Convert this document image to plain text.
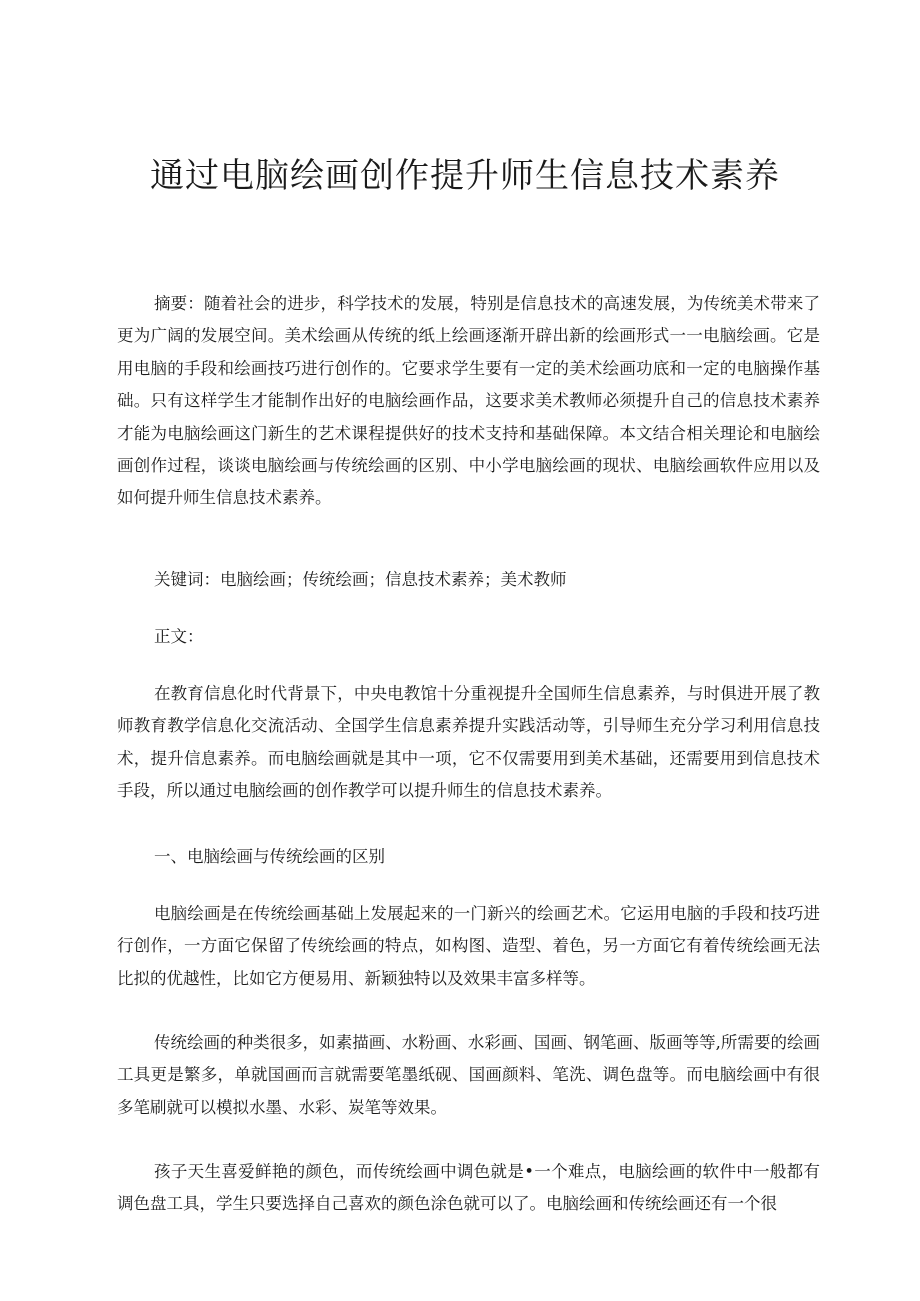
通过电脑绘画创作提升师生信息技术素养

摘要：随着社会的进步，科学技术的发展，特别是信息技术的高速发展，为传统美术带来了更为广阔的发展空间。美术绘画从传统的纸上绘画逐渐开辟出新的绘画形式一一电脑绘画。它是用电脑的手段和绘画技巧进行创作的。它要求学生要有一定的美术绘画功底和一定的电脑操作基础。只有这样学生才能制作出好的电脑绘画作品，这要求美术教师必须提升自己的信息技术素养才能为电脑绘画这门新生的艺术课程提供好的技术支持和基础保障。本文结合相关理论和电脑绘画创作过程，谈谈电脑绘画与传统绘画的区别、中小学电脑绘画的现状、电脑绘画软件应用以及如何提升师生信息技术素养。

关键词：电脑绘画；传统绘画；信息技术素养；美术教师

正文：

在教育信息化时代背景下，中央电教馆十分重视提升全国师生信息素养，与时俱进开展了教师教育教学信息化交流活动、全国学生信息素养提升实践活动等，引导师生充分学习利用信息技术，提升信息素养。而电脑绘画就是其中一项，它不仅需要用到美术基础，还需要用到信息技术手段，所以通过电脑绘画的创作教学可以提升师生的信息技术素养。

一、电脑绘画与传统绘画的区别

电脑绘画是在传统绘画基础上发展起来的一门新兴的绘画艺术。它运用电脑的手段和技巧进行创作，一方面它保留了传统绘画的特点，如构图、造型、着色，另一方面它有着传统绘画无法比拟的优越性，比如它方便易用、新颖独特以及效果丰富多样等。

传统绘画的种类很多，如素描画、水粉画、水彩画、国画、钢笔画、版画等等,所需要的绘画工具更是繁多，单就国画而言就需要笔墨纸砚、国画颜料、笔洗、调色盘等。而电脑绘画中有很多笔刷就可以模拟水墨、水彩、炭笔等效果。

孩子天生喜爱鲜艳的颜色，而传统绘画中调色就是•一个难点，电脑绘画的软件中一般都有调色盘工具，学生只要选择自己喜欢的颜色涂色就可以了。电脑绘画和传统绘画还有一个很
